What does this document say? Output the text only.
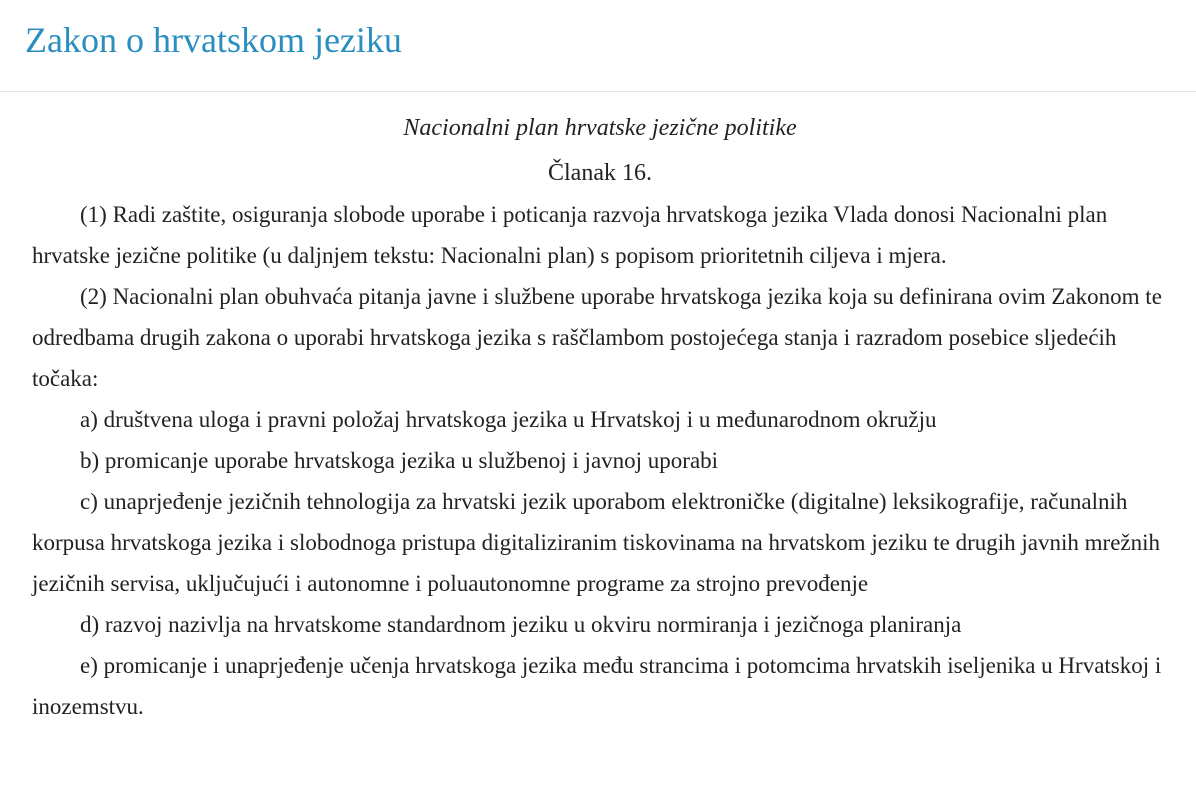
Zakon o hrvatskom jeziku

Nacionalni plan hrvatske jezične politike

Članak 16.

(1) Radi zaštite, osiguranja slobode uporabe i poticanja razvoja hrvatskoga jezika Vlada donosi Nacionalni plan hrvatske jezične politike (u daljnjem tekstu: Nacionalni plan) s popisom prioritetnih ciljeva i mjera.

(2) Nacionalni plan obuhvaća pitanja javne i službene uporabe hrvatskoga jezika koja su definirana ovim Zakonom te odredbama drugih zakona o uporabi hrvatskoga jezika s raščlambom postojećega stanja i razradom posebice sljedećih točaka:

a) društvena uloga i pravni položaj hrvatskoga jezika u Hrvatskoj i u međunarodnom okružju

b) promicanje uporabe hrvatskoga jezika u službenoj i javnoj uporabi

c) unaprjeđenje jezičnih tehnologija za hrvatski jezik uporabom elektroničke (digitalne) leksikografije, računalnih korpusa hrvatskoga jezika i slobodnoga pristupa digitaliziranim tiskovinama na hrvatskom jeziku te drugih javnih mrežnih jezičnih servisa, uključujući i autonomne i poluautonomne programe za strojno prevođenje

d) razvoj nazivlja na hrvatskome standardnom jeziku u okviru normiranja i jezičnoga planiranja

e) promicanje i unaprjeđenje učenja hrvatskoga jezika među strancima i potomcima hrvatskih iseljenika u Hrvatskoj i inozemstvu.
